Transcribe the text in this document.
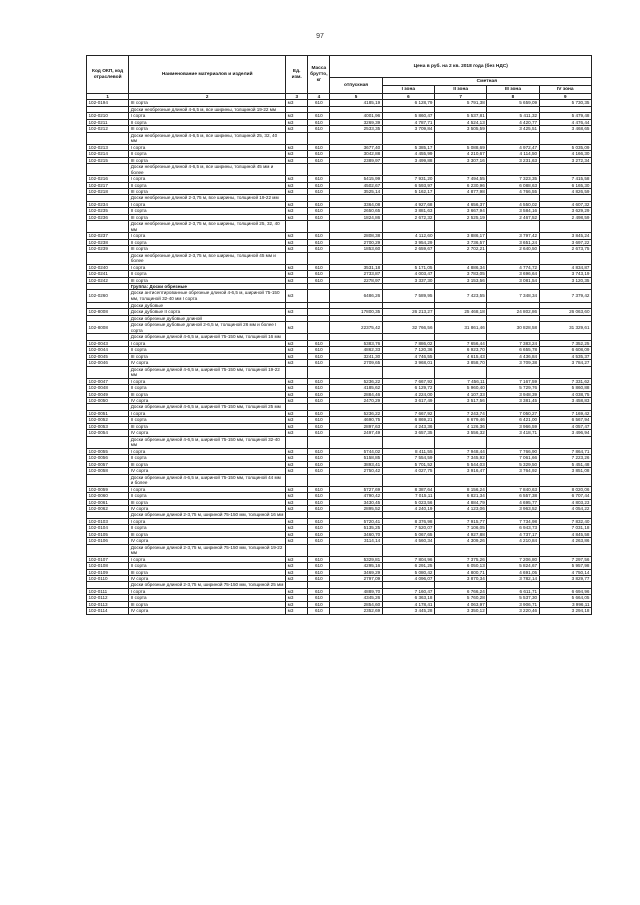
97
Код ОКП, код отраслевой	Наименование материалов и изделий	Ед. изм.	Масса брутто, кг	Цена в руб. на 2 кв. 2018 года (без НДС)				
				отпускная	Сметная			
					I зона	II зона	III зона	IV зона
1	2	3	4	5	6	7	8	9
102-0194	III сорта	м3	610	4185,19	6 128,79	5 791,38	5 659,09	5 730,35
	Доски необрезные длиной 4-6,5 м, все ширины, толщиной 19-22 мм							
102-0210	I сорта	м3	610	4001,96	5 860,47	5 537,81	5 411,32	5 479,48
102-0211	II сорта	м3	610	3269,39	4 787,71	4 524,13	4 420,77	4 476,44
102-0212	III сорта	м3	610	2533,35	3 709,84	3 505,59	3 425,51	3 468,65
	Доски необрезные длиной 4-6,5 м, все ширины, толщиной 25, 32, 40 мм							
102-0213	I сорта	м3	610	3677,40	5 385,17	5 088,69	4 972,47	5 035,09
102-0214	II сорта	м3	610	3042,88	4 455,99	4 210,67	4 114,50	4 166,30
102-0215	III сорта	м3	610	2389,97	3 499,88	3 307,16	3 231,63	3 272,34
	Доски необрезные длиной 4-6,5 м, все ширины, толщиной 45 мм и более							
102-0216	I сорта	м3	610	5415,99	7 931,20	7 494,55	7 323,35	7 415,58
102-0217	II сорта	м3	610	4502,67	6 593,97	6 230,96	6 088,63	6 165,30
102-0218	III сорта	м3	610	3525,14	5 162,17	4 877,98	4 766,55	4 826,59
	Доски необрезные длиной 2-3,75 м, все ширины, толщиной 19-22 мм							
102-0234	I сорта	м3	610	3364,08	4 927,68	4 656,37	4 550,02	4 607,32
102-0235	II сорта	м3	610	2650,65	3 881,63	3 667,94	3 584,16	3 629,29
102-0236	III сорта	м3	610	1824,86	2 672,32	2 525,19	2 467,52	2 498,59
	Доски необрезные длиной 2-3,75 м, все ширины, толщиной 25, 32, 40 мм							
102-0237	I сорта	м3	610	2808,38	4 112,60	3 886,17	3 797,42	3 845,24
102-0238	II сорта	м3	610	2700,29	3 954,29	3 736,57	3 651,24	3 697,22
102-0239	III сорта	м3	610	1853,60	2 659,67	2 702,21	2 640,50	2 673,75
	Доски необрезные длиной 2-3,75 м, все ширины, толщиной 45 мм и более							
102-0240	I сорта	м3	610	3531,18	5 171,05	4 886,34	4 774,72	4 834,87
102-0241	II сорта	м3	610	2733,87	4 003,47	3 783,05	3 696,64	3 743,19
102-0242	III сорта	м3	610	2278,97	3 337,30	3 153,56	3 081,54	3 120,35
	Группа: Доски обрезные							
102-0260	Доски антисептированные обрезные длиной 4-6,5 м, шириной 75-150 мм, толщиной 32-40 мм I сорта	м3		6486,26	7 589,95	7 423,55	7 348,34	7 379,42
	Доски дубовые							
102-8008	Доски дубовые II сорта	м3		17800,35	26 213,27	25 468,18	24 802,86	26 063,60
	Доски обрезные дубовые длиной							
102-8008	Доски обрезные дубовые длиной 2-6,5 м, толщиной 26 мм и более I сорта	м3		22375,42	32 766,56	31 861,46	30 828,58	31 329,61
	Доски обрезные длиной 4-6,5 м, шириной 75-150 мм, толщиной 16 мм							
102-0043	I сорта	м3	610	5383,76	7 886,02	7 656,44	7 383,24	7 352,25
102-0044	II сорта	м3	610	4862,33	7 120,36	6 923,70	6 655,78	6 608,09
102-0045	III сорта	м3	610	3241,30	4 746,55	4 615,43	4 436,84	4 535,37
102-0046	IV сорта	м3	610	2709,65	3 968,01	3 858,70	3 709,38	3 784,27
	Доски обрезные длиной 4-6,5 м, шириной 75-150 мм, толщиной 19-22 мм							
102-0047	I сорта	м3	610	5236,22	7 667,92	7 456,11	7 167,59	7 331,62
102-0048	II сорта	м3	610	4185,62	6 129,72	5 960,40	5 729,76	5 860,88
102-0049	III сорта	м3	610	2884,46	4 224,00	4 107,33	3 948,39	4 038,75
102-0050	IV сорта	м3	610	2470,29	3 617,49	3 517,56	3 381,45	3 458,83
	Доски обрезные длиной 4-6,5 м, шириной 75-150 мм, толщиной 25 мм							
102-0051	I сорта	м3	610	5236,22	7 667,92	7 243,74	7 050,27	7 169,42
102-0052	II сорта	м3	610	4690,75	6 869,21	6 679,46	6 421,00	6 567,94
102-0053	III сорта	м3	610	2897,63	4 243,36	4 126,36	3 966,59	4 057,47
102-0054	IV сорта	м3	610	2497,49	3 657,35	3 556,32	3 418,71	3 496,94
	Доски обрезные длиной 4-6,5 м, шириной 75-150 мм, толщиной 32-40 мм							
102-0055	I сорта	м3	610	5744,02	8 411,55	7 948,44	7 766,90	7 864,71
102-0056	II сорта	м3	610	5158,85	7 554,59	7 345,92	7 061,66	7 223,26
102-0057	III сорта	м3	610	3893,41	5 701,52	5 544,03	5 329,50	5 451,48
102-0058	IV сорта	м3	610	2750,42	4 027,75	3 916,47	3 764,92	3 851,08
	Доски обрезные длиной 4-6,5 м, шириной 75-150 мм, толщиной 44 мм и более							
102-0059	I сорта	м3	610	5727,69	8 387,64	8 156,24	7 840,63	8 020,06
102-0060	II сорта	м3	610	4790,42	7 015,11	6 821,34	6 557,38	6 707,44
102-0061	III сорта	м3	610	3430,45	5 023,56	4 884,79	4 695,77	4 803,23
102-0062	IV сорта	м3	610	2895,52	4 240,19	4 123,06	3 963,52	4 054,22
	Доски обрезные длиной 2-3,75 м, шириной 75-150 мм, толщиной 16 мм							
102-0103	I сорта	м3	610	5720,41	8 376,98	7 915,77	7 734,98	7 832,40
102-0104	II сорта	м3	610	5135,25	7 520,07	7 106,05	6 943,73	7 031,18
102-0105	III сорта	м3	610	3460,70	5 067,65	4 927,88	4 737,17	4 845,58
102-0106	IV сорта	м3	610	3114,14	4 560,34	4 309,26	4 210,84	4 263,86
	Доски обрезные длиной 2-3,75 м, шириной 75-150 мм, толщиной 19-22 мм							
102-0107	I сорта	м3	610	5329,81	7 804,96	7 375,26	7 206,80	7 297,56
102-0108	II сорта	м3	610	4295,16	6 291,25	6 050,13	5 824,67	5 957,98
102-0109	III сорта	м3	610	3469,29	5 080,42	4 800,71	4 691,05	4 750,14
102-0110	IV сорта	м3	610	2797,09	4 096,07	3 870,34	3 782,14	3 829,77
	Доски обрезные длиной 2-3,75 м, шириной 75-150 мм, толщиной 25 мм							
102-0111	I сорта	м3	610	4889,70	7 160,47	6 766,24	6 611,71	6 694,96
102-0112	II сорта	м3	610	4345,26	6 363,18	5 760,28	5 537,30	5 664,05
102-0113	III сорта	м3	610	2854,60	4 178,41	4 063,97	3 906,71	3 996,11
102-0114	IV сорта	м3	610	2352,69	3 445,28	3 350,12	3 220,46	3 294,18
